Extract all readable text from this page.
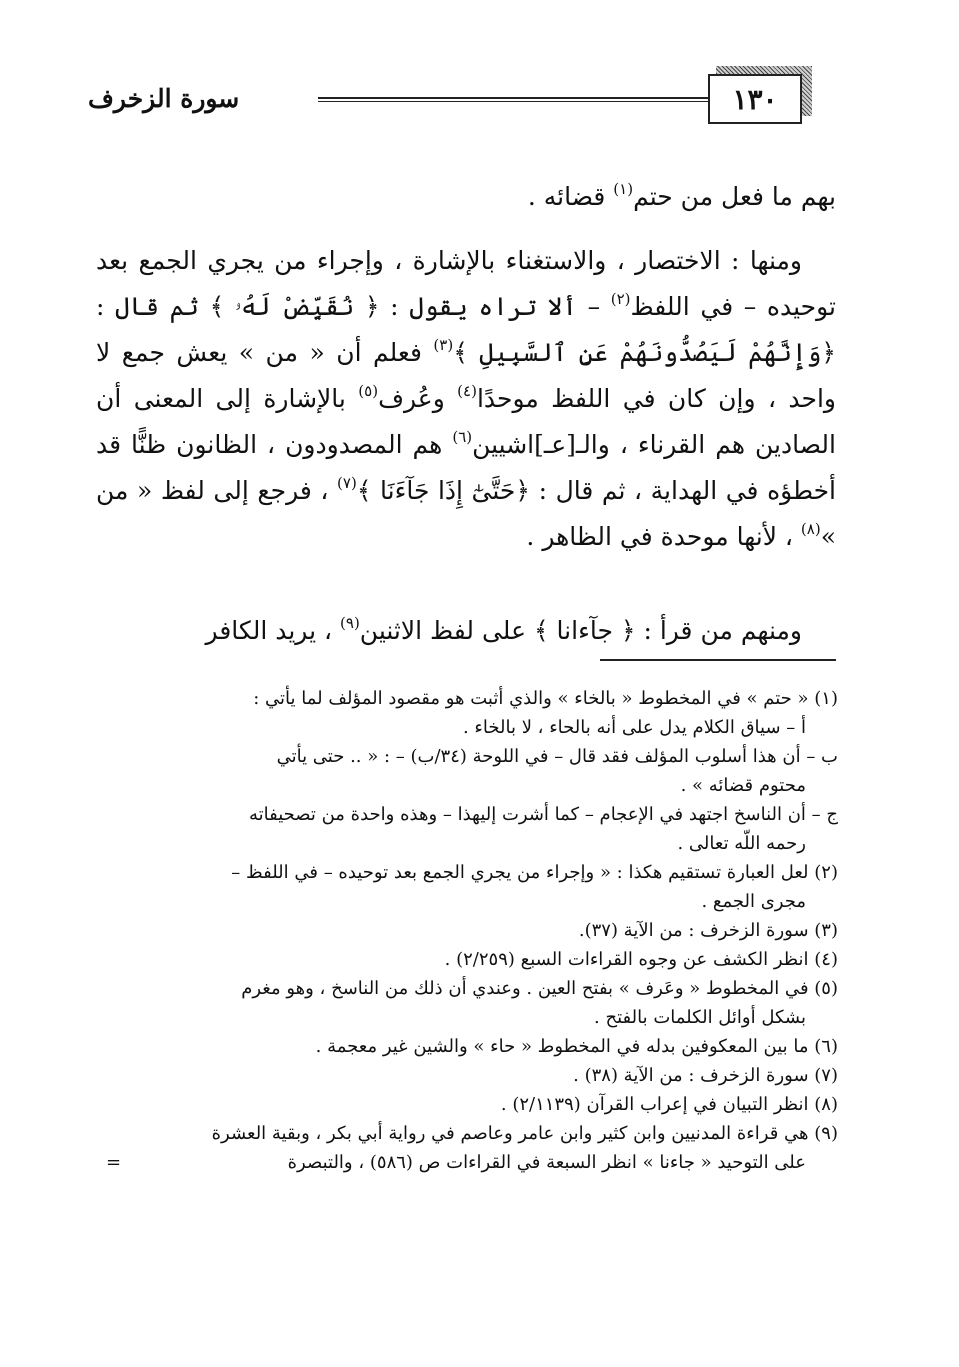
سورة الزخرف	١٣٠

بهم ما فعل من حتم$^{(١)}$ قضائه .

ومنها : الاختصار ، والاستغناء بالإشارة ، وإجراء من يجري الجمع بعد توحيده – في اللفظ$^{(٢)}$ – ألا تراه يقول : ﴿ نُقَيِّضْ لَهُۥ ﴾ ثم قال : ﴿وَإِنَّهُمْ لَيَصُدُّونَهُمْ عَنِ ٱلسَّبِيلِ ﴾$^{(٣)}$ فعلم أن « من » يعش جمع لا واحد ، وإن كان في اللفظ موحدًا$^{(٤)}$ وعُرف$^{(٥)}$ بالإشارة إلى المعنى أن الصادين هم القرناء ، والـ[عـ]اشيين$^{(٦)}$ هم المصدودون ، الظانون ظنًّا قد أخطؤه في الهداية ، ثم قال : ﴿حَتَّىٰٓ إِذَا جَآءَنَا ﴾$^{(٧)}$ ، فرجع إلى لفظ « من »$^{(٨)}$ ، لأنها موحدة في الظاهر .

ومنهم من قرأ : ﴿ جآءانا ﴾ على لفظ الاثنين$^{(٩)}$ ، يريد الكافر

(١) « حتم » في المخطوط « بالخاء » والذي أثبت هو مقصود المؤلف لما يأتي :
أ – سياق الكلام يدل على أنه بالحاء ، لا بالخاء .
ب – أن هذا أسلوب المؤلف فقد قال – في اللوحة (٣٤/ب) – : « .. حتى يأتي
محتوم قضائه » .
ج – أن الناسخ اجتهد في الإعجام – كما أشرت إليهذا – وهذه واحدة من تصحيفاته
رحمه اللّه تعالى .
(٢) لعل العبارة تستقيم هكذا : « وإجراء من يجري الجمع بعد توحيده – في اللفظ –
مجرى الجمع .
(٣) سورة الزخرف : من الآية (٣٧).
(٤) انظر الكشف عن وجوه القراءات السبع (٢/٢٥٩) .
(٥) في المخطوط « وعَرف » بفتح العين . وعندي أن ذلك من الناسخ ، وهو مغرم
بشكل أوائل الكلمات بالفتح .
(٦) ما بين المعكوفين بدله في المخطوط « حاء » والشين غير معجمة .
(٧) سورة الزخرف : من الآية (٣٨) .
(٨) انظر التبيان في إعراب القرآن (٢/١١٣٩) .
(٩) هي قراءة المدنيين وابن كثير وابن عامر وعاصم في رواية أبي بكر ، وبقية العشرة
على التوحيد « جاءنا » انظر السبعة في القراءات ص (٥٨٦) ، والتبصرة
=
